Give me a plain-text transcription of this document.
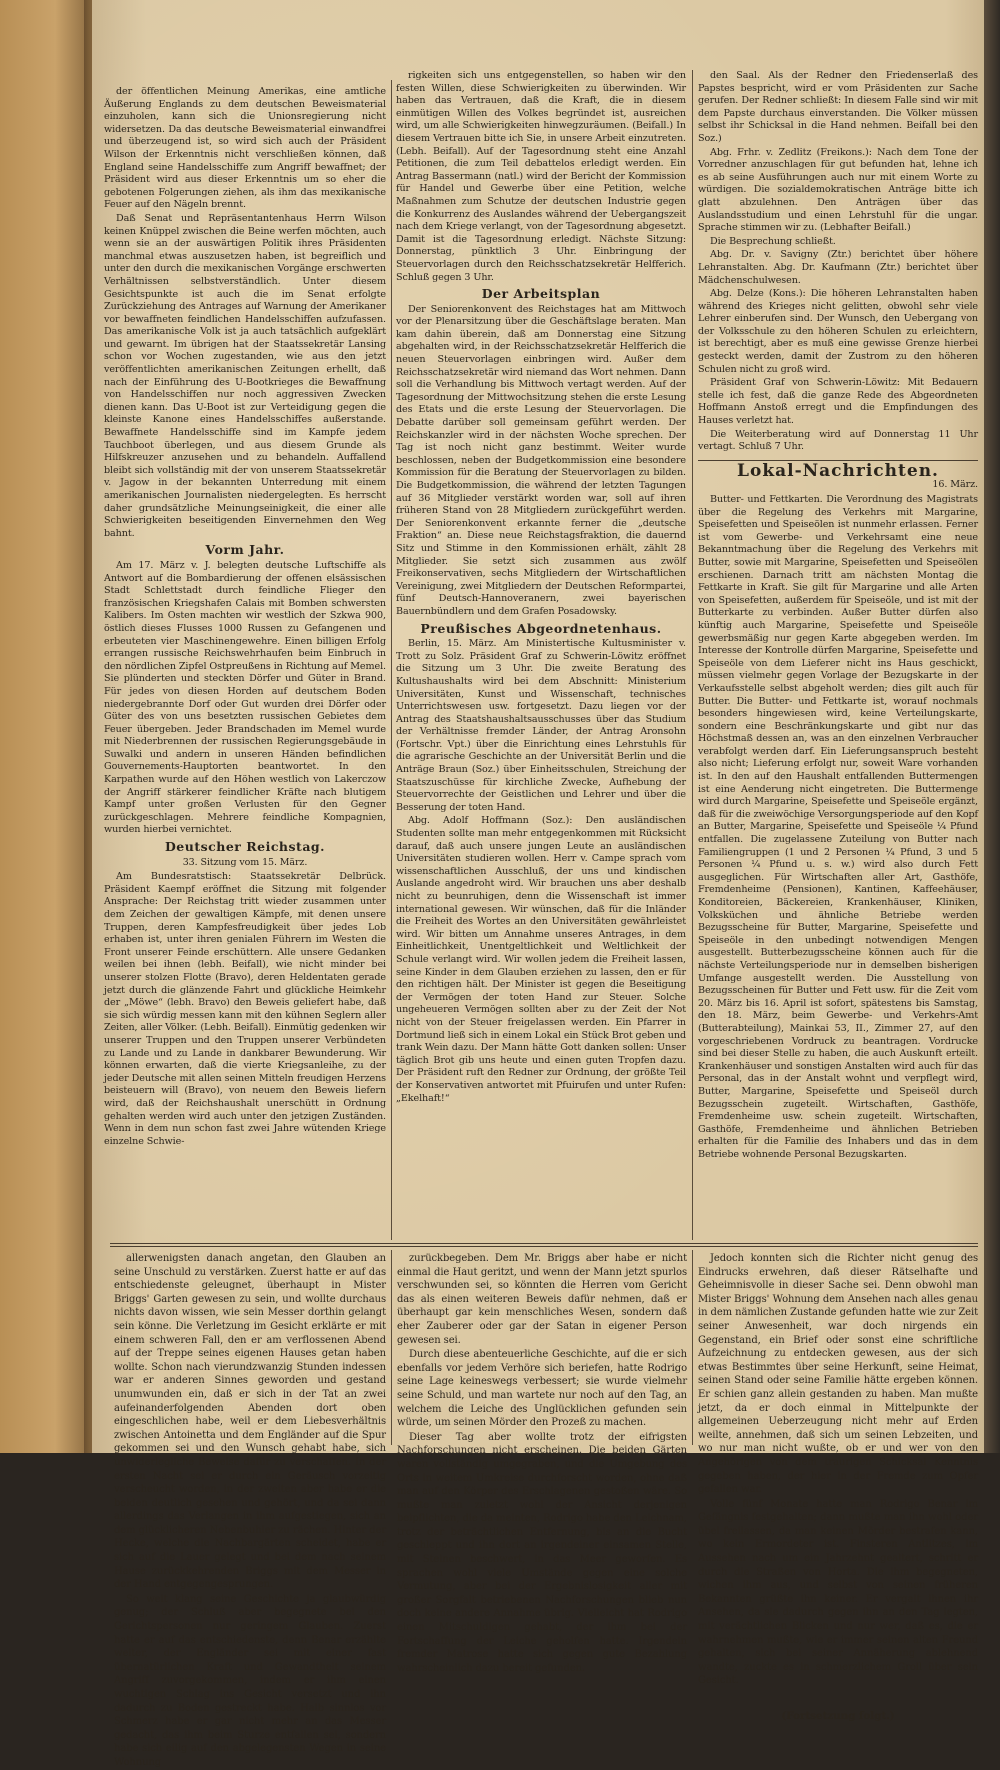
der öffentlichen Meinung Amerikas, eine amtliche Äußerung Englands zu dem deutschen Beweismaterial einzuholen, kann sich die Unionsregierung nicht widersetzen. Da das deutsche Beweismaterial einwandfrei und überzeugend ist, so wird sich auch der Präsident Wilson der Erkenntnis nicht verschließen können, daß England seine Handelsschiffe zum Angriff bewaffnet; der Präsident wird aus dieser Erkenntnis um so eher die gebotenen Folgerungen ziehen, als ihm das mexikanische Feuer auf den Nägeln brennt.

Daß Senat und Repräsentantenhaus Herrn Wilson keinen Knüppel zwischen die Beine werfen möchten, auch wenn sie an der auswärtigen Politik ihres Präsidenten manchmal etwas auszusetzen haben, ist begreiflich und unter den durch die mexikanischen Vorgänge erschwerten Verhältnissen selbstverständlich. Unter diesem Gesichtspunkte ist auch die im Senat erfolgte Zurückziehung des Antrages auf Warnung der Amerikaner vor bewaffneten feindlichen Handelsschiffen aufzufassen. Das amerikanische Volk ist ja auch tatsächlich aufgeklärt und gewarnt. Im übrigen hat der Staatssekretär Lansing schon vor Wochen zugestanden, wie aus den jetzt veröffentlichten amerikanischen Zeitungen erhellt, daß nach der Einführung des U-Bootkrieges die Bewaffnung von Handelsschiffen nur noch aggressiven Zwecken dienen kann. Das U-Boot ist zur Verteidigung gegen die kleinste Kanone eines Handelsschiffes außerstande. Bewaffnete Handelsschiffe sind im Kampfe jedem Tauchboot überlegen, und aus diesem Grunde als Hilfskreuzer anzusehen und zu behandeln. Auffallend bleibt sich vollständig mit der von unserem Staatssekretär v. Jagow in der bekannten Unterredung mit einem amerikanischen Journalisten niedergelegten. Es herrscht daher grundsätzliche Meinungseinigkeit, die einer alle Schwierigkeiten beseitigenden Einvernehmen den Weg bahnt.

Vorm Jahr.

Am 17. März v. J. belegten deutsche Luftschiffe als Antwort auf die Bombardierung der offenen elsässischen Stadt Schlettstadt durch feindliche Flieger den französischen Kriegshafen Calais mit Bomben schwersten Kalibers. Im Osten machten wir westlich der Szkwa 900, östlich dieses Flusses 1000 Russen zu Gefangenen und erbeuteten vier Maschinengewehre. Einen billigen Erfolg errangen russische Reichswehrhaufen beim Einbruch in den nördlichen Zipfel Ostpreußens in Richtung auf Memel. Sie plünderten und steckten Dörfer und Güter in Brand. Für jedes von diesen Horden auf deutschem Boden niedergebrannte Dorf oder Gut wurden drei Dörfer oder Güter des von uns besetzten russischen Gebietes dem Feuer übergeben. Jeder Brandschaden im Memel wurde mit Niederbrennen der russischen Regierungsgebäude in Suwalki und andern in unseren Händen befindlichen Gouvernements-Hauptorten beantwortet. In den Karpathen wurde auf den Höhen westlich von Lakerczow der Angriff stärkerer feindlicher Kräfte nach blutigem Kampf unter großen Verlusten für den Gegner zurückgeschlagen. Mehrere feindliche Kompagnien, wurden hierbei vernichtet.

Deutscher Reichstag.
33. Sitzung vom 15. März.

Am Bundesratstisch: Staatssekretär Delbrück. Präsident Kaempf eröffnet die Sitzung mit folgender Ansprache: Der Reichstag tritt wieder zusammen unter dem Zeichen der gewaltigen Kämpfe, mit denen unsere Truppen, deren Kampfesfreudigkeit über jedes Lob erhaben ist, unter ihren genialen Führern im Westen die Front unserer Feinde erschüttern. Alle unsere Gedanken weilen bei ihnen (lebh. Beifall), wie nicht minder bei unserer stolzen Flotte (Bravo), deren Heldentaten gerade jetzt durch die glänzende Fahrt und glückliche Heimkehr der „Möwe“ (lebh. Bravo) den Beweis geliefert habe, daß sie sich würdig messen kann mit den kühnen Seglern aller Zeiten, aller Völker. (Lebh. Beifall). Einmütig gedenken wir unserer Truppen und den Truppen unserer Verbündeten zu Lande und zu Lande in dankbarer Bewunderung. Wir können erwarten, daß die vierte Kriegsanleihe, zu der jeder Deutsche mit allen seinen Mitteln freudigen Herzens beisteuern will (Bravo), von neuem den Beweis liefern wird, daß der Reichshaushalt unerschütt in Ordnung gehalten werden wird auch unter den jetzigen Zuständen. Wenn in dem nun schon fast zwei Jahre wütenden Kriege einzelne Schwie-

rigkeiten sich uns entgegenstellen, so haben wir den festen Willen, diese Schwierigkeiten zu überwinden. Wir haben das Vertrauen, daß die Kraft, die in diesem einmütigen Willen des Volkes begründet ist, ausreichen wird, um alle Schwierigkeiten hinwegzuräumen. (Beifall.) In diesem Vertrauen bitte ich Sie, in unsere Arbeit einzutreten. (Lebh. Beifall). Auf der Tagesordnung steht eine Anzahl Petitionen, die zum Teil debattelos erledigt werden. Ein Antrag Bassermann (natl.) wird der Bericht der Kommission für Handel und Gewerbe über eine Petition, welche Maßnahmen zum Schutze der deutschen Industrie gegen die Konkurrenz des Auslandes während der Uebergangszeit nach dem Kriege verlangt, von der Tagesordnung abgesetzt. Damit ist die Tagesordnung erledigt. Nächste Sitzung: Donnerstag, pünktlich 3 Uhr. Einbringung der Steuervorlagen durch den Reichsschatzsekretär Helfferich. Schluß gegen 3 Uhr.

Der Arbeitsplan

Der Seniorenkonvent des Reichstages hat am Mittwoch vor der Plenarsitzung über die Geschäftslage beraten. Man kam dahin überein, daß am Donnerstag eine Sitzung abgehalten wird, in der Reichsschatzsekretär Helfferich die neuen Steuervorlagen einbringen wird. Außer dem Reichsschatzsekretär wird niemand das Wort nehmen. Dann soll die Verhandlung bis Mittwoch vertagt werden. Auf der Tagesordnung der Mittwochsitzung stehen die erste Lesung des Etats und die erste Lesung der Steuervorlagen. Die Debatte darüber soll gemeinsam geführt werden. Der Reichskanzler wird in der nächsten Woche sprechen. Der Tag ist noch nicht ganz bestimmt. Weiter wurde beschlossen, neben der Budgetkommission eine besondere Kommission für die Beratung der Steuervorlagen zu bilden. Die Budgetkommission, die während der letzten Tagungen auf 36 Mitglieder verstärkt worden war, soll auf ihren früheren Stand von 28 Mitgliedern zurückgeführt werden. Der Seniorenkonvent erkannte ferner die „deutsche Fraktion“ an. Diese neue Reichstagsfraktion, die dauernd Sitz und Stimme in den Kommissionen erhält, zählt 28 Mitglieder. Sie setzt sich zusammen aus zwölf Freikonservativen, sechs Mitgliedern der Wirtschaftlichen Vereinigung, zwei Mitgliedern der Deutschen Reformpartei, fünf Deutsch-Hannoveranern, zwei bayerischen Bauernbündlern und dem Grafen Posadowsky.

Preußisches Abgeordnetenhaus.

Berlin, 15. März. Am Ministertische Kultusminister v. Trott zu Solz. Präsident Graf zu Schwerin-Löwitz eröffnet die Sitzung um 3 Uhr. Die zweite Beratung des Kultushaushalts wird bei dem Abschnitt: Ministerium Universitäten, Kunst und Wissenschaft, technisches Unterrichtswesen usw. fortgesetzt. Dazu liegen vor der Antrag des Staatshaushaltsausschusses über das Studium der Verhältnisse fremder Länder, der Antrag Aronsohn (Fortschr. Vpt.) über die Einrichtung eines Lehrstuhls für die agrarische Geschichte an der Universität Berlin und die Anträge Braun (Soz.) über Einheitsschulen, Streichung der Staatszuschüsse für kirchliche Zwecke, Aufhebung der Steuervorrechte der Geistlichen und Lehrer und über die Besserung der toten Hand.

Abg. Adolf Hoffmann (Soz.): Den ausländischen Studenten sollte man mehr entgegenkommen mit Rücksicht darauf, daß auch unsere jungen Leute an ausländischen Universitäten studieren wollen. Herr v. Campe sprach vom wissenschaftlichen Ausschluß, der uns und kindischen Auslande angedroht wird. Wir brauchen uns aber deshalb nicht zu beunruhigen, denn die Wissenschaft ist immer international gewesen. Wir wünschen, daß für die Inländer die Freiheit des Wortes an den Universitäten gewährleistet wird. Wir bitten um Annahme unseres Antrages, in dem Einheitlichkeit, Unentgeltlichkeit und Weltlichkeit der Schule verlangt wird. Wir wollen jedem die Freiheit lassen, seine Kinder in dem Glauben erziehen zu lassen, den er für den richtigen hält. Der Minister ist gegen die Beseitigung der Vermögen der toten Hand zur Steuer. Solche ungeheueren Vermögen sollten aber zu der Zeit der Not nicht von der Steuer freigelassen werden. Ein Pfarrer in Dortmund ließ sich in einem Lokal ein Stück Brot geben und trank Wein dazu. Der Mann hätte Gott danken sollen: Unser täglich Brot gib uns heute und einen guten Tropfen dazu. Der Präsident ruft den Redner zur Ordnung, der größte Teil der Konservativen antwortet mit Pfuirufen und unter Rufen: „Ekelhaft!“

den Saal. Als der Redner den Friedenserlaß des Papstes bespricht, wird er vom Präsidenten zur Sache gerufen. Der Redner schließt: In diesem Falle sind wir mit dem Papste durchaus einverstanden. Die Völker müssen selbst ihr Schicksal in die Hand nehmen. Beifall bei den Soz.)

Abg. Frhr. v. Zedlitz (Freikons.): Nach dem Tone der Vorredner anzuschlagen für gut befunden hat, lehne ich es ab seine Ausführungen auch nur mit einem Worte zu würdigen. Die sozialdemokratischen Anträge bitte ich glatt abzulehnen. Den Anträgen über das Auslandsstudium und einen Lehrstuhl für die ungar. Sprache stimmen wir zu. (Lebhafter Beifall.)

Die Besprechung schließt.

Abg. Dr. v. Savigny (Ztr.) berichtet über höhere Lehranstalten. Abg. Dr. Kaufmann (Ztr.) berichtet über Mädchenschulwesen.

Abg. Delze (Kons.): Die höheren Lehranstalten haben während des Krieges nicht gelitten, obwohl sehr viele Lehrer einberufen sind. Der Wunsch, den Uebergang von der Volksschule zu den höheren Schulen zu erleichtern, ist berechtigt, aber es muß eine gewisse Grenze hierbei gesteckt werden, damit der Zustrom zu den höheren Schulen nicht zu groß wird.

Präsident Graf von Schwerin-Löwitz: Mit Bedauern stelle ich fest, daß die ganze Rede des Abgeordneten Hoffmann Anstoß erregt und die Empfindungen des Hauses verletzt hat.

Die Weiterberatung wird auf Donnerstag 11 Uhr vertagt. Schluß 7 Uhr.

Lokal-Nachrichten.
16. März.

Butter- und Fettkarten. Die Verordnung des Magistrats über die Regelung des Verkehrs mit Margarine, Speisefetten und Speiseölen ist nunmehr erlassen. Ferner ist vom Gewerbe- und Verkehrsamt eine neue Bekanntmachung über die Regelung des Verkehrs mit Butter, sowie mit Margarine, Speisefetten und Speiseölen erschienen. Darnach tritt am nächsten Montag die Fettkarte in Kraft. Sie gilt für Margarine und alle Arten von Speisefetten, außerdem für Speiseöle, und ist mit der Butterkarte zu verbinden. Außer Butter dürfen also künftig auch Margarine, Speisefette und Speiseöle gewerbsmäßig nur gegen Karte abgegeben werden. Im Interesse der Kontrolle dürfen Margarine, Speisefette und Speiseöle von dem Lieferer nicht ins Haus geschickt, müssen vielmehr gegen Vorlage der Bezugskarte in der Verkaufsstelle selbst abgeholt werden; dies gilt auch für Butter. Die Butter- und Fettkarte ist, worauf nochmals besonders hingewiesen wird, keine Verteilungskarte, sondern eine Beschränkungskarte und gibt nur das Höchstmaß dessen an, was an den einzelnen Verbraucher verabfolgt werden darf. Ein Lieferungsanspruch besteht also nicht; Lieferung erfolgt nur, soweit Ware vorhanden ist. In den auf den Haushalt entfallenden Buttermengen ist eine Aenderung nicht eingetreten. Die Buttermenge wird durch Margarine, Speisefette und Speiseöle ergänzt, daß für die zweiwöchige Versorgungsperiode auf den Kopf an Butter, Margarine, Speisefette und Speiseöle ¼ Pfund entfallen. Die zugelassene Zuteilung von Butter nach Familiengruppen (1 und 2 Personen ¼ Pfund, 3 und 5 Personen ¼ Pfund u. s. w.) wird also durch Fett ausgeglichen. Für Wirtschaften aller Art, Gasthöfe, Fremdenheime (Pensionen), Kantinen, Kaffeehäuser, Konditoreien, Bäckereien, Krankenhäuser, Kliniken, Volksküchen und ähnliche Betriebe werden Bezugsscheine für Butter, Margarine, Speisefette und Speiseöle in den unbedingt notwendigen Mengen ausgestellt. Butterbezugsscheine können auch für die nächste Verteilungsperiode nur in demselben bisherigen Umfange ausgestellt werden. Die Ausstellung von Bezugsscheinen für Butter und Fett usw. für die Zeit vom 20. März bis 16. April ist sofort, spätestens bis Samstag, den 18. März, beim Gewerbe- und Verkehrs-Amt (Butterabteilung), Mainkai 53, II., Zimmer 27, auf den vorgeschriebenen Vordruck zu beantragen. Vordrucke sind bei dieser Stelle zu haben, die auch Auskunft erteilt. Krankenhäuser und sonstigen Anstalten wird auch für das Personal, das in der Anstalt wohnt und verpflegt wird, Butter, Margarine, Speisefette und Speiseöl durch Bezugsschein zugeteilt. Wirtschaften, Gasthöfe, Fremdenheime usw. schein zugeteilt. Wirtschaften, Gasthöfe, Fremdenheime und ähnlichen Betrieben erhalten für die Familie des Inhabers und das in dem Betriebe wohnende Personal Bezugskarten.

allerwenigsten danach angetan, den Glauben an seine Unschuld zu verstärken. Zuerst hatte er auf das entschiedenste geleugnet, überhaupt in Mister Briggs' Garten gewesen zu sein, und wollte durchaus nichts davon wissen, wie sein Messer dorthin gelangt sein könne. Die Verletzung im Gesicht erklärte er mit einem schweren Fall, den er am verflossenen Abend auf der Treppe seines eigenen Hauses getan haben wollte. Schon nach vierundzwanzig Stunden indessen war er anderen Sinnes geworden und gestand unumwunden ein, daß er sich in der Tat an zwei aufeinanderfolgenden Abenden dort oben eingeschlichen habe, weil er dem Liebesverhältnis zwischen Antoinetta und dem Engländer auf die Spur gekommen sei und den Wunsch gehabt habe, sich unwiderlegliche Beweise dafür zu verschaffen. In der ersten Nacht sei er durch ein Geräusch vorzeitig verscheucht worden, in der zweiten aber habe er die beiden deutlich gesehen und gehört, und da sei dann allerdings das Verlangen in ihm aufgestiegen, sich an dem glücklicheren Nebenbuhler zu rächen. Hinter der Hecke, welche die Nachbargärten scheidet, habe er sich auf die Lauer gelegt und bei dem nach seinem Hause zurückkehrenden Briggs mit dem Messer in der Hand entgegengesprungen.

So weit klang seine Geschichte ja glaubwürdig genug; der Schluß aber begegnete bei den Gerichtspersonen nur geringem Glauben. Zuerst hatte er auf das entschiedenste, denn Benar erzählte weiter, der Engländer sei mit einer fast übernatürlichen Kraft und Gewandtheit seinem Angriff zuvorgekommen, indem er ihm einen wuchtigen Schlag ins Gesicht versetzt und ihn dadurch zu Boden gestreckt habe. Halb sinnlos vor Schmerz habe er gar nicht mehr an das Messer gedacht, das ihm beim Sturze entfallen sei, sondern habe sich eilig auf den abgelegensten Wegen in seine Wohnung

zurückbegeben. Dem Mr. Briggs aber habe er nicht einmal die Haut geritzt, und wenn der Mann jetzt spurlos verschwunden sei, so könnten die Herren vom Gericht das als einen weiteren Beweis dafür nehmen, daß er überhaupt gar kein menschliches Wesen, sondern daß eher Zauberer oder gar der Satan in eigener Person gewesen sei.

Durch diese abenteuerliche Geschichte, auf die er sich ebenfalls vor jedem Verhöre sich beriefen, hatte Rodrigo seine Lage keineswegs verbessert; sie wurde vielmehr seine Schuld, und man wartete nur noch auf den Tag, an welchem die Leiche des Unglücklichen gefunden sein würde, um seinen Mörder den Prozeß zu machen.

Dieser Tag aber wollte trotz der eifrigsten Nachforschungen nicht erscheinen. Die beiden Gärten waren vollständig umgegraben, und die Umgebung des Orts in weitem Umkreise durchforscht worden, ohne daß man auf den Körper des Erschlagenen gestoßen wäre. So mußte man zuletzt wohl der Ansicht derjenigen beipflichten, die da meinten, Rodrigo habe den Leichnam, trotz der beträchtlichen Entfernung, bis an die Bucht geschleppt und ihn dort an irgendeiner einsamen Stelle, mit Steinen beschwert, in das Meer geworfen. Es sprachen wohl viele Umstände gegen eine solche Vermutung, aber bei der Ergebnislosigkeit aller mit großer Sorgfalt betriebenen Nachforschungen blieb nun doch keine andere Annahme übrig. Vielleicht hat Rodrigo einen Mitschuldigen gehabt, der ihm bei der Fortschaffung der Leiche geholfen hatte. Irgendein fremder Matrose hatte sich gegen gute Bezahlung wahrscheinlich dazu bereit gefunden.

Jedoch konnten sich die Richter nicht genug des Eindrucks erwehren, daß dieser Rätselhafte und Geheimnisvolle in dieser Sache sei. Denn obwohl man Mister Briggs' Wohnung dem Ansehen nach alles genau in dem nämlichen Zustande gefunden hatte wie zur Zeit seiner Anwesenheit, war doch nirgends ein Gegenstand, ein Brief oder sonst eine schriftliche Aufzeichnung zu entdecken gewesen, aus der sich etwas Bestimmtes über seine Herkunft, seine Heimat, seinen Stand oder seine Familie hätte ergeben können. Er schien ganz allein gestanden zu haben. Man mußte jetzt, da er doch einmal in Mittelpunkte der allgemeinen Ueberzeugung nicht mehr auf Erden weilte, annehmen, daß sich um seinen Lebzeiten, und wo nur man nicht wußte, ob er und wer von den Angehörigen von dem traurigen Schicksal Kenntnis gegeben haben, der hier in der Fremde zum Opfer gefallen war.

Volle fünf Monate hatte man Rodrigo Benar im Gefängnis festgehalten; dann mußte man ihn wohl oder übel freilassen, da man keinen Mörder bestrafen kann, wo kein Ermordeter ist. Finsteren Antlitzes, im Aussehen nach um ein Jahrzehnt gealtert, schritt er durch die Straßen von Horta. Die ihm begegneten, wichen ihm aus, und selbst von seinen früheren Bekannten grüßte ihn keiner. Er vergalt ihnen ihr Ansehen, da sie dadurch gegen ihn an den Tag legten, mit verächtlichen Blicken und nur wer, daß es, die er wahrnehmen mußte, wie er immer seinen alten Freund gehalten, sich bei seiner Annäherung ablehnend wandte, zuckte es in schmerzlichem Groll über sein Gesicht.

(Fortsetzung folgt.)
